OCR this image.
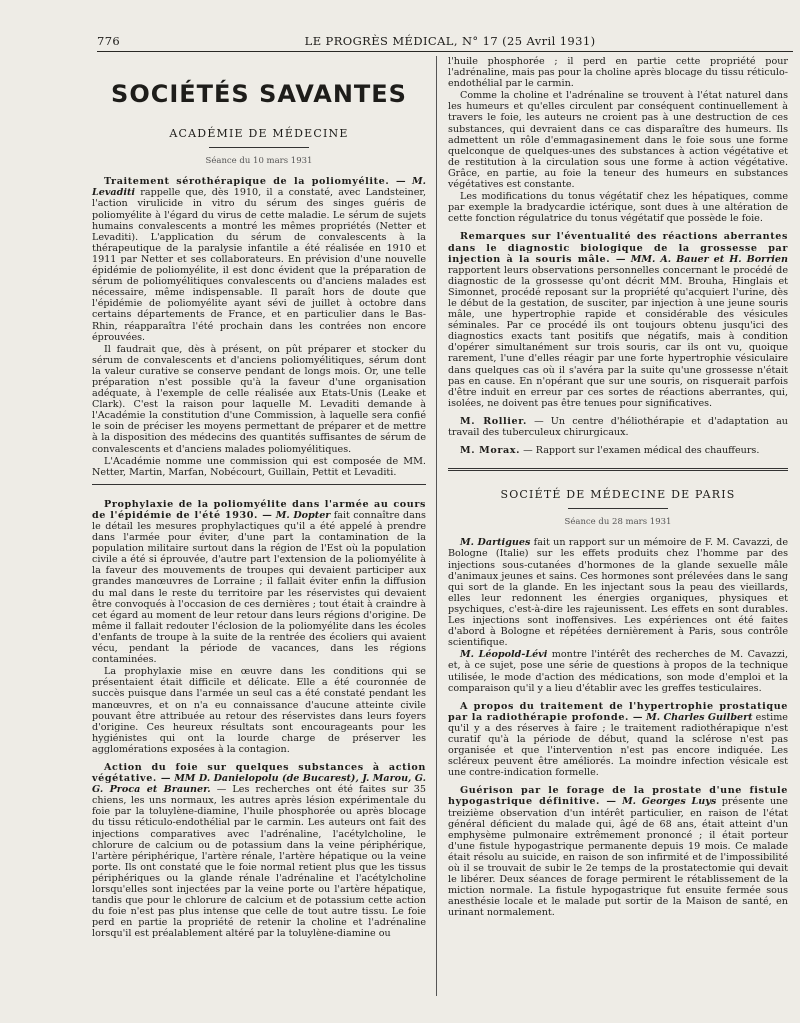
776	LE PROGRÈS MÉDICAL, N° 17 (25 Avril 1931)
SOCIÉTÉS SAVANTES
ACADÉMIE DE MÉDECINE
Séance du 10 mars 1931

Traitement sérothérapique de la poliomyélite. — M. Levaditi rappelle que, dès 1910, il a constaté, avec Landsteiner, l'action virulicide in vitro du sérum des singes guéris de poliomyélite à l'égard du virus de cette maladie. Le sérum de sujets humains convalescents a montré les mêmes propriétés (Netter et Levaditi). L'application du sérum de convalescents à la thérapeutique de la paralysie infantile a été réalisée en 1910 et 1911 par Netter et ses collaborateurs. En prévision d'une nouvelle épidémie de poliomyélite, il est donc évident que la préparation de sérum de poliomyélitiques convalescents ou d'anciens malades est nécessaire, même indispensable. Il paraît hors de doute que l'épidémie de poliomyélite ayant sévi de juillet à octobre dans certains départements de France, et en particulier dans le Bas-Rhin, réapparaîtra l'été prochain dans les contrées non encore éprouvées.

Il faudrait que, dès à présent, on pût préparer et stocker du sérum de convalescents et d'anciens poliomyélitiques, sérum dont la valeur curative se conserve pendant de longs mois. Or, une telle préparation n'est possible qu'à la faveur d'une organisation adéquate, à l'exemple de celle réalisée aux Etats-Unis (Leake et Clark). C'est la raison pour laquelle M. Levaditi demande à l'Académie la constitution d'une Commission, à laquelle sera confié le soin de préciser les moyens permettant de préparer et de mettre à la disposition des médecins des quantités suffisantes de sérum de convalescents et d'anciens malades poliomyélitiques.

L'Académie nomme une commission qui est composée de MM. Netter, Martin, Marfan, Nobécourt, Guillain, Pettit et Levaditi.

Prophylaxie de la poliomyélite dans l'armée au cours de l'épidémie de l'été 1930. — M. Dopter fait connaître dans le détail les mesures prophylactiques qu'il a été appelé à prendre dans l'armée pour éviter, d'une part la contamination de la population militaire surtout dans la région de l'Est où la population civile a été si éprouvée, d'autre part l'extension de la poliomyélite à la faveur des mouvements de troupes qui devaient participer aux grandes manœuvres de Lorraine ; il fallait éviter enfin la diffusion du mal dans le reste du territoire par les réservistes qui devaient être convoqués à l'occasion de ces dernières ; tout était à craindre à cet égard au moment de leur retour dans leurs régions d'origine. De même il fallait redouter l'éclosion de la poliomyélite dans les écoles d'enfants de troupe à la suite de la rentrée des écoliers qui avaient vécu, pendant la période de vacances, dans les régions contaminées.

La prophylaxie mise en œuvre dans les conditions qui se présentaient était difficile et délicate. Elle a été couronnée de succès puisque dans l'armée un seul cas a été constaté pendant les manœuvres, et on n'a eu connaissance d'aucune atteinte civile pouvant être attribuée au retour des réservistes dans leurs foyers d'origine. Ces heureux résultats sont encourageants pour les hygiénistes qui ont la lourde charge de préserver les agglomérations exposées à la contagion.

Action du foie sur quelques substances à action végétative. — MM D. Danielopolu (de Bucarest), J. Marou, G. G. Proca et Brauner. — Les recherches ont été faites sur 35 chiens, les uns normaux, les autres après lésion expérimentale du foie par la toluylène-diamine, l'huile phosphorée ou après blocage du tissu réticulo-endothélial par le carmin. Les auteurs ont fait des injections comparatives avec l'adrénaline, l'acétylcholine, le chlorure de calcium ou de potassium dans la veine périphérique, l'artère périphérique, l'artère rénale, l'artère hépatique ou la veine porte. Ils ont constaté que le foie normal retient plus que les tissus périphériques ou la glande rénale l'adrénaline et l'acétylcholine lorsqu'elles sont injectées par la veine porte ou l'artère hépatique, tandis que pour le chlorure de calcium et de potassium cette action du foie n'est pas plus intense que celle de tout autre tissu. Le foie perd en partie la propriété de retenir la choline et l'adrénaline lorsqu'il est préalablement altéré par la toluylène-diamine ou

l'huile phosphorée ; il perd en partie cette propriété pour l'adrénaline, mais pas pour la choline après blocage du tissu réticulo-endothélial par le carmin.

Comme la choline et l'adrénaline se trouvent à l'état naturel dans les humeurs et qu'elles circulent par conséquent continuellement à travers le foie, les auteurs ne croient pas à une destruction de ces substances, qui devraient dans ce cas disparaître des humeurs. Ils admettent un rôle d'emmagasinement dans le foie sous une forme quelconque de quelques-unes des substances à action végétative et de restitution à la circulation sous une forme à action végétative. Grâce, en partie, au foie la teneur des humeurs en substances végétatives est constante.

Les modifications du tonus végétatif chez les hépatiques, comme par exemple la bradycardie ictérique, sont dues à une altération de cette fonction régulatrice du tonus végétatif que possède le foie.

Remarques sur l'éventualité des réactions aberrantes dans le diagnostic biologique de la grossesse par injection à la souris mâle. — MM. A. Bauer et H. Borrien rapportent leurs observations personnelles concernant le procédé de diagnostic de la grossesse qu'ont décrit MM. Brouha, Hinglais et Simonnet, procédé reposant sur la propriété qu'acquiert l'urine, dès le début de la gestation, de susciter, par injection à une jeune souris mâle, une hypertrophie rapide et considérable des vésicules séminales. Par ce procédé ils ont toujours obtenu jusqu'ici des diagnostics exacts tant positifs que négatifs, mais à condition d'opérer simultanément sur trois souris, car ils ont vu, quoique rarement, l'une d'elles réagir par une forte hypertrophie vésiculaire dans quelques cas où il s'avéra par la suite qu'une grossesse n'était pas en cause. En n'opérant que sur une souris, on risquerait parfois d'être induit en erreur par ces sortes de réactions aberrantes, qui, isolées, ne doivent pas être tenues pour significatives.

M. Rollier. — Un centre d'héliothérapie et d'adaptation au travail des tuberculeux chirurgicaux.

M. Morax. — Rapport sur l'examen médical des chauffeurs.

SOCIÉTÉ DE MÉDECINE DE PARIS
Séance du 28 mars 1931

M. Dartigues fait un rapport sur un mémoire de F. M. Cavazzi, de Bologne (Italie) sur les effets produits chez l'homme par des injections sous-cutanées d'hormones de la glande sexuelle mâle d'animaux jeunes et sains. Ces hormones sont prélevées dans le sang qui sort de la glande. En les injectant sous la peau des vieillards, elles leur redonnent les énergies organiques, physiques et psychiques, c'est-à-dire les rajeunissent. Les effets en sont durables. Les injections sont inoffensives. Les expériences ont été faites d'abord à Bologne et répétées dernièrement à Paris, sous contrôle scientifique.

M. Léopold-Lévi montre l'intérêt des recherches de M. Cavazzi, et, à ce sujet, pose une série de questions à propos de la technique utilisée, le mode d'action des médications, son mode d'emploi et la comparaison qu'il y a lieu d'établir avec les greffes testiculaires.

A propos du traitement de l'hypertrophie prostatique par la radiothérapie profonde. — M. Charles Guilbert estime qu'il y a des réserves à faire ; le traitement radiothérapique n'est curatif qu'à la période de début, quand la sclérose n'est pas organisée et que l'intervention n'est pas encore indiquée. Les scléreux peuvent être améliorés. La moindre infection vésicale est une contre-indication formelle.

Guérison par le forage de la prostate d'une fistule hypogastrique définitive. — M. Georges Luys présente une treizième observation d'un intérêt particulier, en raison de l'état général déficient du malade qui, âgé de 68 ans, était atteint d'un emphysème pulmonaire extrêmement prononcé ; il était porteur d'une fistule hypogastrique permanente depuis 19 mois. Ce malade était résolu au suicide, en raison de son infirmité et de l'impossibilité où il se trouvait de subir le 2e temps de la prostatectomie qui devait le libérer. Deux séances de forage permirent le rétablissement de la miction normale. La fistule hypogastrique fut ensuite fermée sous anesthésie locale et le malade put sortir de la Maison de santé, en urinant normalement.
